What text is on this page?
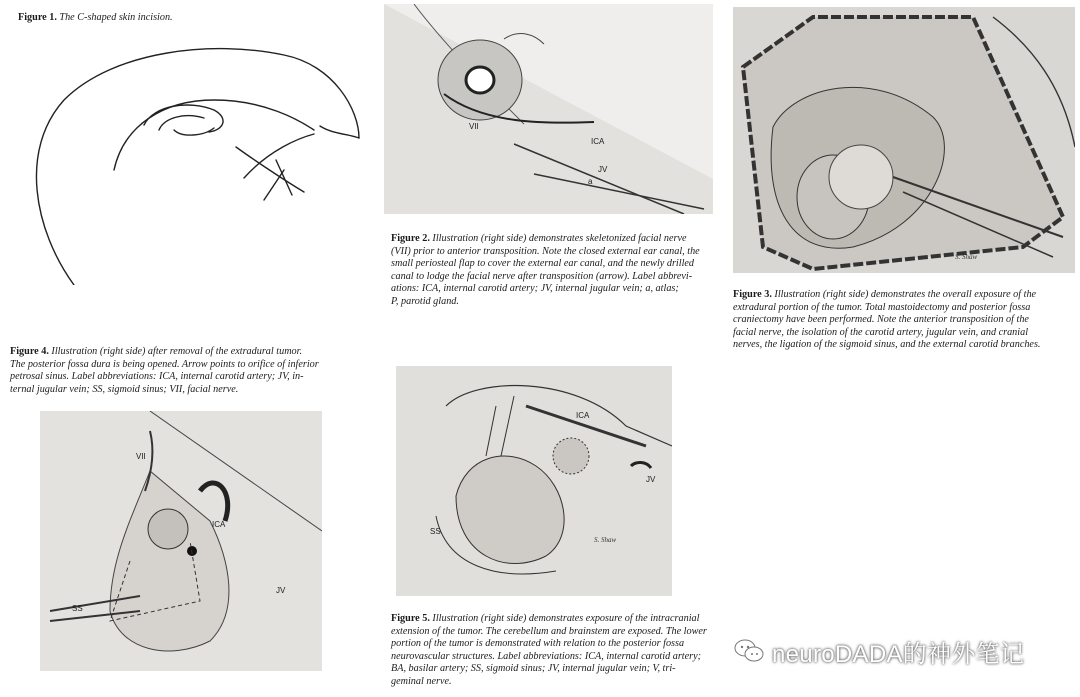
Figure 1. The C-shaped skin incision.
VII
ICA
JV
a
Figure 2. Illustration (right side) demonstrates skeletonized facial nerve
(VII) prior to anterior transposition. Note the closed external ear canal, the
small periosteal flap to cover the external ear canal, and the newly drilled
canal to lodge the facial nerve after transposition (arrow). Label abbrevi-
ations: ICA, internal carotid artery; JV, internal jugular vein; a, atlas;
P, parotid gland.
S. Shaw
Figure 3. Illustration (right side) demonstrates the overall exposure of the
extradural portion of the tumor. Total mastoidectomy and posterior fossa
craniectomy have been performed. Note the anterior transposition of the
facial nerve, the isolation of the carotid artery, jugular vein, and cranial
nerves, the ligation of the sigmoid sinus, and the external carotid branches.
Figure 4. Illustration (right side) after removal of the extradural tumor.
The posterior fossa dura is being opened. Arrow points to orifice of inferior
petrosal sinus. Label abbreviations: ICA, internal carotid artery; JV, in-
ternal jugular vein; SS, sigmoid sinus; VII, facial nerve.
VII
ICA
JV
SS
ICA
JV
SS
S. Shaw
Figure 5. Illustration (right side) demonstrates exposure of the intracranial
extension of the tumor. The cerebellum and brainstem are exposed. The lower
portion of the tumor is demonstrated with relation to the posterior fossa
neurovascular structures. Label abbreviations: ICA, internal carotid artery;
BA, basilar artery; SS, sigmoid sinus; JV, internal jugular vein; V, tri-
geminal nerve.
neuroDADA的神外笔记
